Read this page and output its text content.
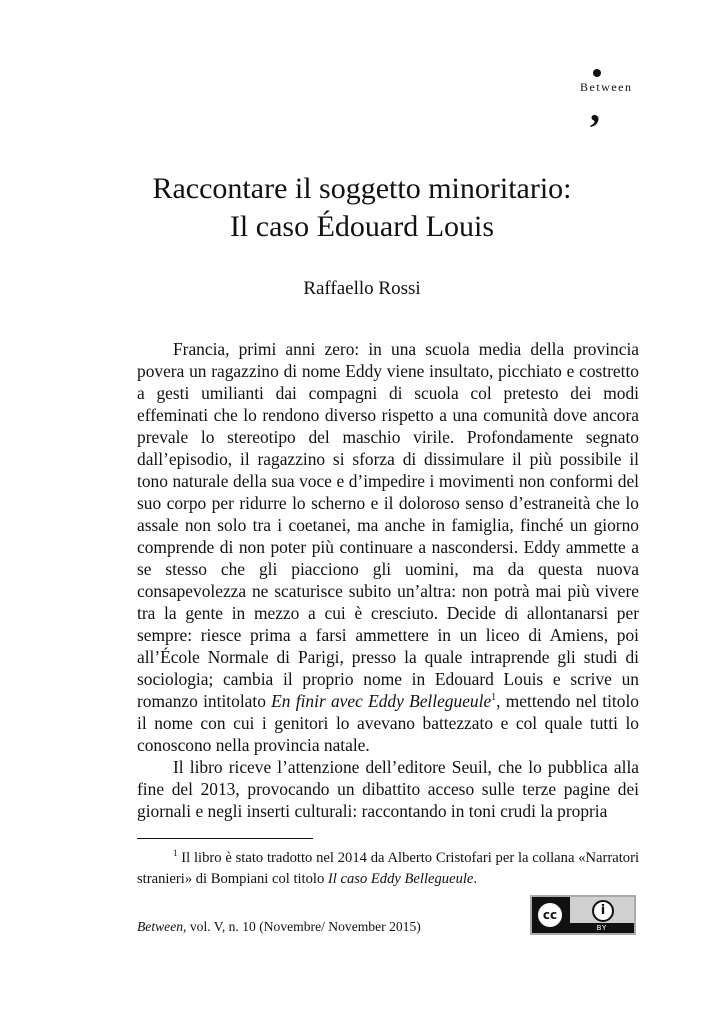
Between
,
Raccontare il soggetto minoritario:
Il caso Édouard Louis
Raffaello Rossi

Francia, primi anni zero: in una scuola media della provincia povera un ragazzino di nome Eddy viene insultato, picchiato e costretto a gesti umilianti dai compagni di scuola col pretesto dei modi effeminati che lo rendono diverso rispetto a una comunità dove ancora prevale lo stereotipo del maschio virile. Profondamente segnato dall’episodio, il ragazzino si sforza di dissimulare il più possibile il tono naturale della sua voce e d’impedire i movimenti non conformi del suo corpo per ridurre lo scherno e il doloroso senso d’estraneità che lo assale non solo tra i coetanei, ma anche in famiglia, finché un giorno comprende di non poter più continuare a nascondersi. Eddy ammette a se stesso che gli piacciono gli uomini, ma da questa nuova consapevolezza ne scaturisce subito un’altra: non potrà mai più vivere tra la gente in mezzo a cui è cresciuto. Decide di allontanarsi per sempre: riesce prima a farsi ammettere in un liceo di Amiens, poi all’École Normale di Parigi, presso la quale intraprende gli studi di sociologia; cambia il proprio nome in Edouard Louis e scrive un romanzo intitolato En finir avec Eddy Bellegueule$^1$, mettendo nel titolo il nome con cui i genitori lo avevano battezzato e col quale tutti lo conoscono nella provincia natale.

Il libro riceve l’attenzione dell’editore Seuil, che lo pubblica alla fine del 2013, provocando un dibattito acceso sulle terze pagine dei giornali e negli inserti culturali: raccontando in toni crudi la propria

$^1$ Il libro è stato tradotto nel 2014 da Alberto Cristofari per la collana «Narratori stranieri» di Bompiani col titolo Il caso Eddy Bellegueule.
Between, vol. V, n. 10 (Novembre/ November 2015)
cc	i
BY
